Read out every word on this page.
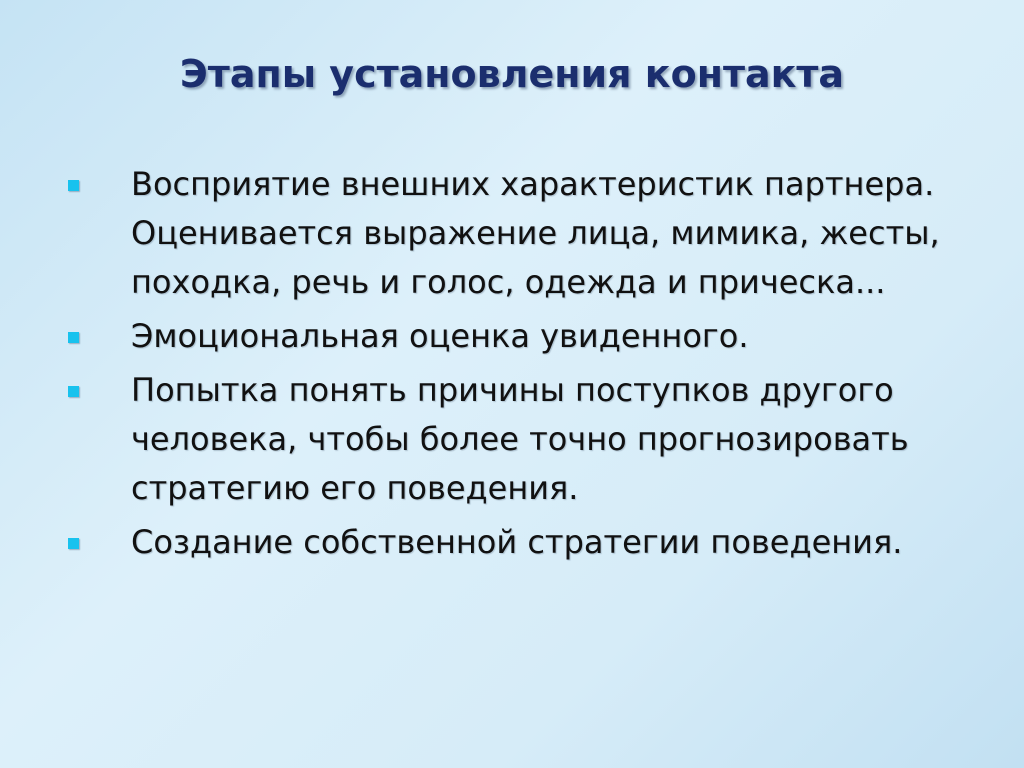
Этапы установления контакта
Восприятие внешних характеристик партнера. Оценивается выражение лица, мимика, жесты, походка, речь и голос, одежда и прическа...
Эмоциональная оценка увиденного.
Попытка понять причины поступков другого человека, чтобы более точно прогнозировать стратегию его поведения.
Создание собственной стратегии поведения.
